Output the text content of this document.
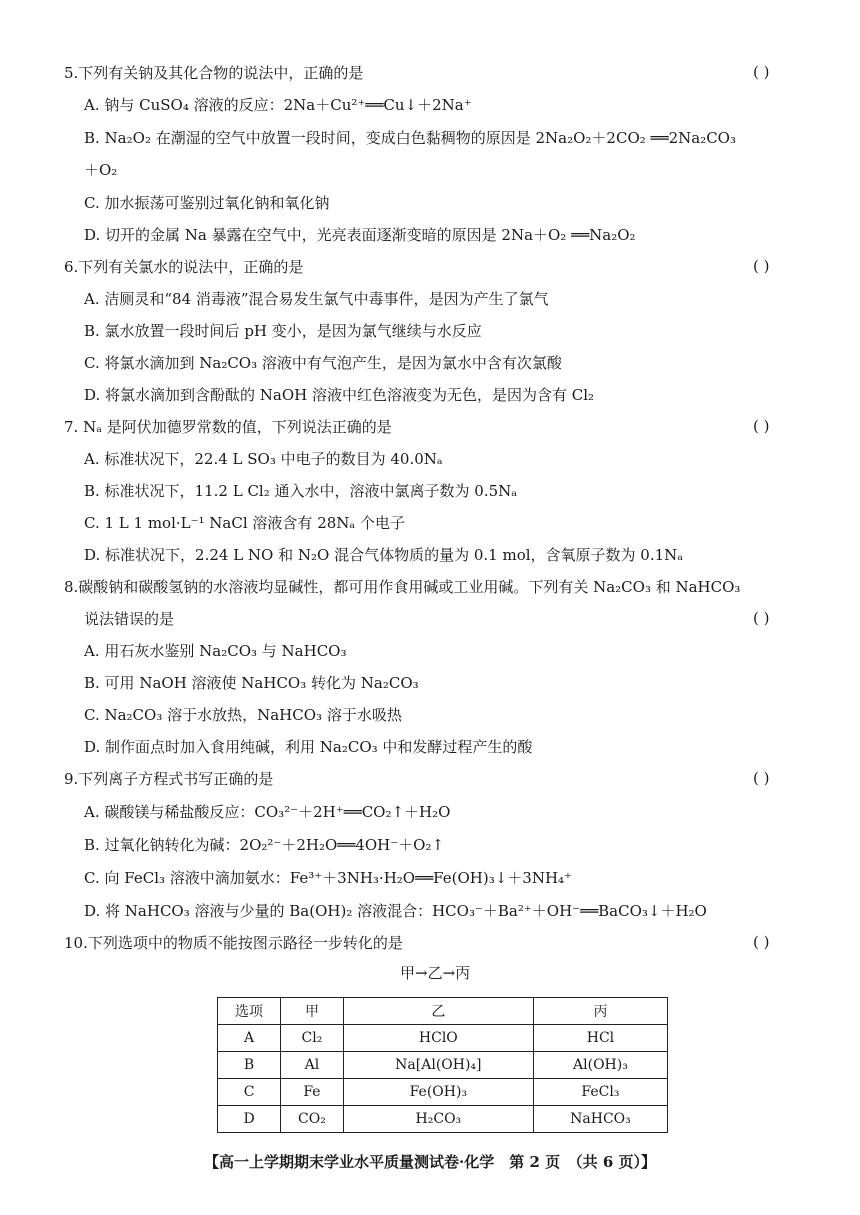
5.下列有关钠及其化合物的说法中，正确的是	( )
A. 钠与 CuSO₄ 溶液的反应：2Na＋Cu²⁺══Cu↓＋2Na⁺
B. Na₂O₂ 在潮湿的空气中放置一段时间，变成白色黏稠物的原因是 2Na₂O₂＋2CO₂ ══2Na₂CO₃
＋O₂
C. 加水振荡可鉴别过氧化钠和氧化钠
D. 切开的金属 Na 暴露在空气中，光亮表面逐渐变暗的原因是 2Na＋O₂ ══Na₂O₂
6.下列有关氯水的说法中，正确的是	( )
A. 洁厕灵和“84 消毒液”混合易发生氯气中毒事件，是因为产生了氯气
B. 氯水放置一段时间后 pH 变小，是因为氯气继续与水反应
C. 将氯水滴加到 Na₂CO₃ 溶液中有气泡产生，是因为氯水中含有次氯酸
D. 将氯水滴加到含酚酞的 NaOH 溶液中红色溶液变为无色，是因为含有 Cl₂
7. Nₐ 是阿伏加德罗常数的值，下列说法正确的是	( )
A. 标准状况下，22.4 L SO₃ 中电子的数目为 40.0Nₐ
B. 标准状况下，11.2 L Cl₂ 通入水中，溶液中氯离子数为 0.5Nₐ
C. 1 L 1 mol·L⁻¹ NaCl 溶液含有 28Nₐ 个电子
D. 标准状况下，2.24 L NO 和 N₂O 混合气体物质的量为 0.1 mol，含氧原子数为 0.1Nₐ
8.碳酸钠和碳酸氢钠的水溶液均显碱性，都可用作食用碱或工业用碱。下列有关 Na₂CO₃ 和 NaHCO₃
说法错误的是	( )
A. 用石灰水鉴别 Na₂CO₃ 与 NaHCO₃
B. 可用 NaOH 溶液使 NaHCO₃ 转化为 Na₂CO₃
C. Na₂CO₃ 溶于水放热，NaHCO₃ 溶于水吸热
D. 制作面点时加入食用纯碱，利用 Na₂CO₃ 中和发酵过程产生的酸
9.下列离子方程式书写正确的是	( )
A. 碳酸镁与稀盐酸反应：CO₃²⁻＋2H⁺══CO₂↑＋H₂O
B. 过氧化钠转化为碱：2O₂²⁻＋2H₂O══4OH⁻＋O₂↑
C. 向 FeCl₃ 溶液中滴加氨水：Fe³⁺＋3NH₃·H₂O══Fe(OH)₃↓＋3NH₄⁺
D. 将 NaHCO₃ 溶液与少量的 Ba(OH)₂ 溶液混合：HCO₃⁻＋Ba²⁺＋OH⁻══BaCO₃↓＋H₂O
10.下列选项中的物质不能按图示路径一步转化的是	( )
甲→乙→丙
选项	甲	乙	丙
A	Cl₂	HClO	HCl
B	Al	Na[Al(OH)₄]	Al(OH)₃
C	Fe	Fe(OH)₃	FeCl₃
D	CO₂	H₂CO₃	NaHCO₃
【高一上学期期末学业水平质量测试卷·化学　第 2 页　（共 6 页）】
